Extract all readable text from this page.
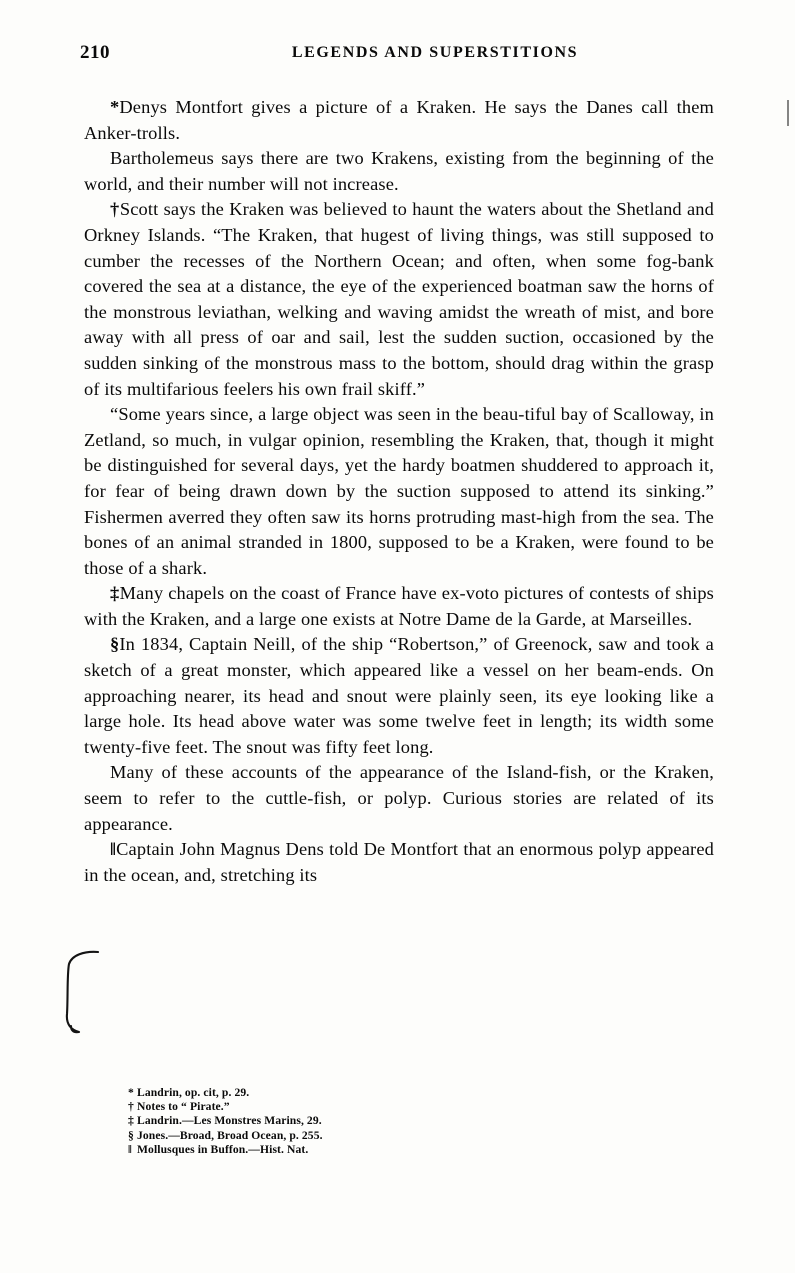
210	LEGENDS AND SUPERSTITIONS

*Denys Montfort gives a picture of a Kraken. He says the Danes call them Anker-trolls.

Bartholemeus says there are two Krakens, existing from the beginning of the world, and their number will not increase.

†Scott says the Kraken was believed to haunt the waters about the Shetland and Orkney Islands. “The Kraken, that hugest of living things, was still supposed to cumber the recesses of the Northern Ocean; and often, when some fog-bank covered the sea at a distance, the eye of the experienced boatman saw the horns of the monstrous leviathan, welking and waving amidst the wreath of mist, and bore away with all press of oar and sail, lest the sudden suction, occasioned by the sudden sinking of the monstrous mass to the bottom, should drag within the grasp of its multifarious feelers his own frail skiff.”

“Some years since, a large object was seen in the beau-tiful bay of Scalloway, in Zetland, so much, in vulgar opinion, resembling the Kraken, that, though it might be distinguished for several days, yet the hardy boatmen shuddered to approach it, for fear of being drawn down by the suction supposed to attend its sinking.” Fishermen averred they often saw its horns protruding mast-high from the sea. The bones of an animal stranded in 1800, supposed to be a Kraken, were found to be those of a shark.

‡Many chapels on the coast of France have ex-voto pictures of contests of ships with the Kraken, and a large one exists at Notre Dame de la Garde, at Marseilles.

§In 1834, Captain Neill, of the ship “Robertson,” of Greenock, saw and took a sketch of a great monster, which appeared like a vessel on her beam-ends. On approaching nearer, its head and snout were plainly seen, its eye looking like a large hole. Its head above water was some twelve feet in length; its width some twenty-five feet. The snout was fifty feet long.

Many of these accounts of the appearance of the Island-fish, or the Kraken, seem to refer to the cuttle-fish, or polyp. Curious stories are related of its appearance.

‖Captain John Magnus Dens told De Montfort that an enormous polyp appeared in the ocean, and, stretching its

* Landrin, op. cit, p. 29.
† Notes to “ Pirate.”
‡ Landrin.—Les Monstres Marins, 29.
§ Jones.—Broad, Broad Ocean, p. 255.
‖ Mollusques in Buffon.—Hist. Nat.
